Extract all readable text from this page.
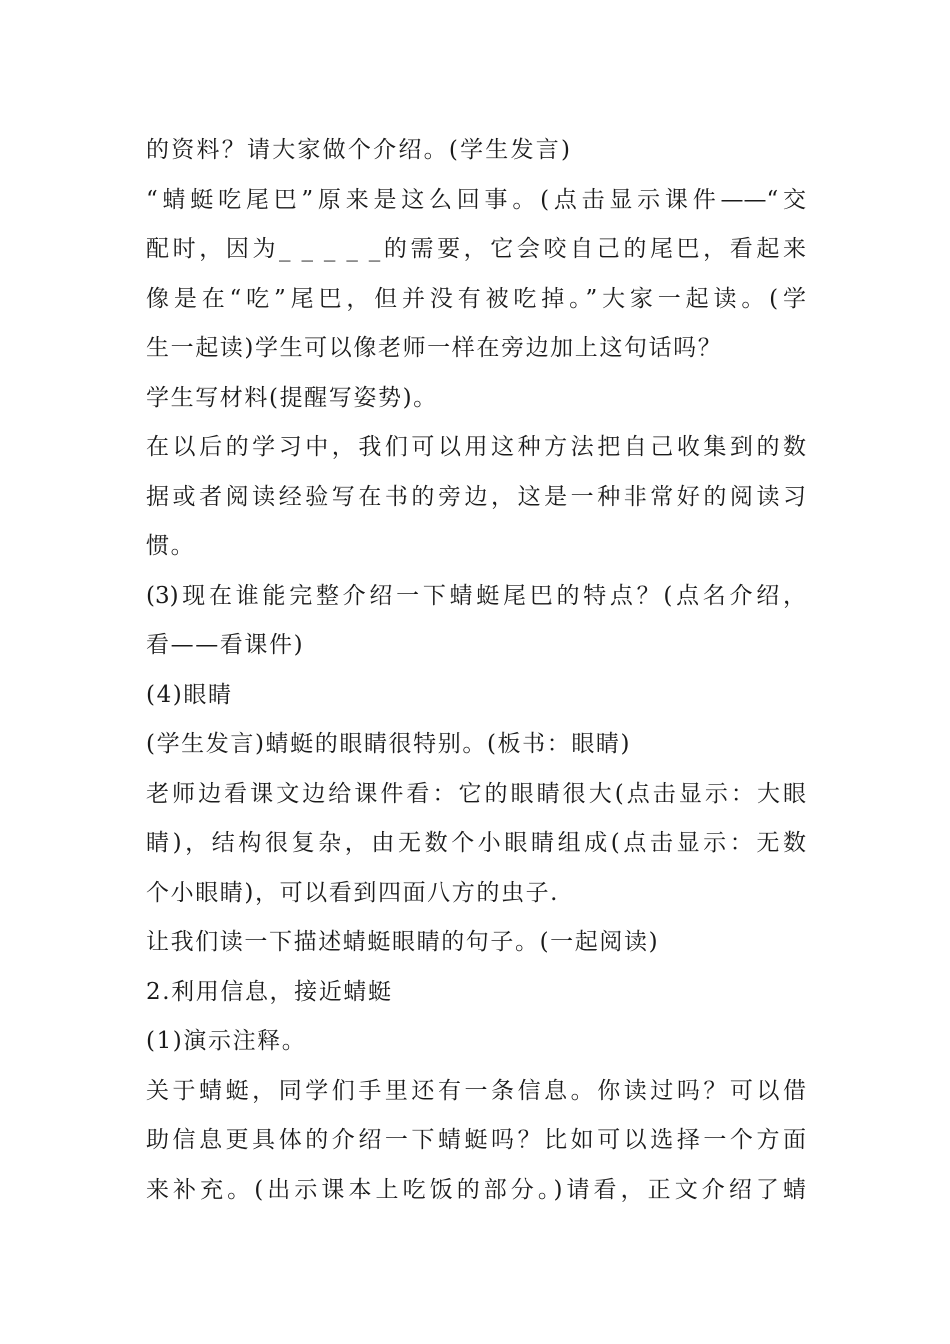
的资料？请大家做个介绍。(学生发言)
“蜻蜓吃尾巴”原来是这么回事。(点击显示课件——“交
配时，因为_ _ _ _ _的需要，它会咬自己的尾巴，看起来
像是在“吃”尾巴，但并没有被吃掉。”大家一起读。(学
生一起读)学生可以像老师一样在旁边加上这句话吗？
学生写材料(提醒写姿势)。
在以后的学习中，我们可以用这种方法把自己收集到的数
据或者阅读经验写在书的旁边，这是一种非常好的阅读习
惯。
(3)现在谁能完整介绍一下蜻蜓尾巴的特点？(点名介绍，
看——看课件)
(4)眼睛
(学生发言)蜻蜓的眼睛很特别。(板书：眼睛)
老师边看课文边给课件看：它的眼睛很大(点击显示：大眼
睛)，结构很复杂，由无数个小眼睛组成(点击显示：无数
个小眼睛)，可以看到四面八方的虫子.
让我们读一下描述蜻蜓眼睛的句子。(一起阅读)
2.利用信息，接近蜻蜓
(1)演示注释。
关于蜻蜓，同学们手里还有一条信息。你读过吗？可以借
助信息更具体的介绍一下蜻蜓吗？比如可以选择一个方面
来补充。(出示课本上吃饭的部分。)请看，正文介绍了蜻
